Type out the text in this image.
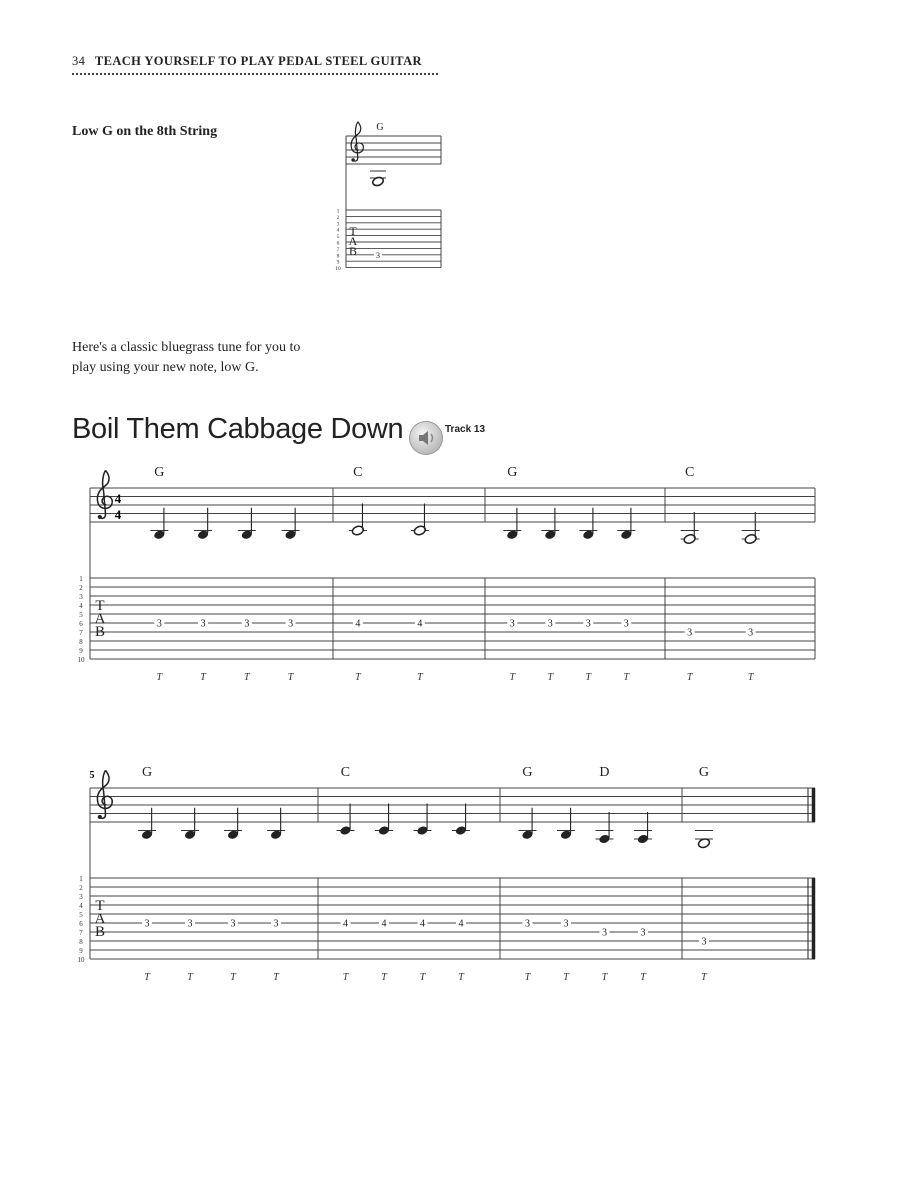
34 TEACH YOURSELF TO PLAY PEDAL STEEL GUITAR
Low G on the 8th String
1
2
3
4
5
6
7
8
9
10
T
A
B
G
3
Here's a classic bluegrass tune for you to play using your new note, low G.
Boil Them Cabbage Down	Track 13
1
2
3
4
5
6
7
8
9
10
T
A
B
4
4
G
3
T
3
T
3
T
3
T
C
4
T
4
T
G
3
T
3
T
3
T
3
T
C
3
T
3
T
1
2
3
4
5
6
7
8
9
10
T
A
B
5	G
3
T
3
T
3
T
3
T
C
4
T
4
T
4
T
4
T
G	D
3
T
3
T
3
T
3
T
G
3
T
